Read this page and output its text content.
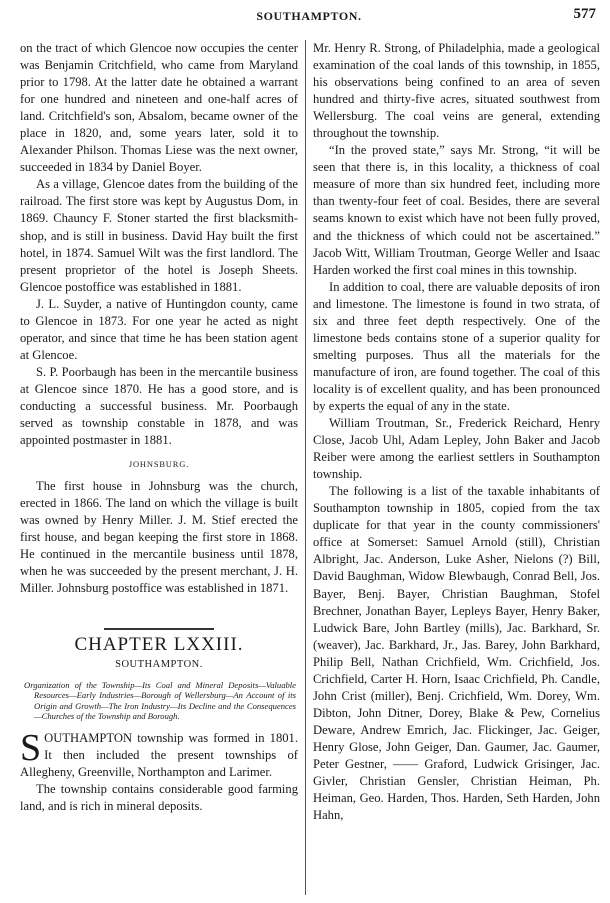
SOUTHAMPTON.	577

on the tract of which Glencoe now occupies the center was Benjamin Critchfield, who came from Maryland prior to 1798. At the latter date he obtained a warrant for one hundred and nineteen and one-half acres of land. Critchfield's son, Absalom, became owner of the place in 1820, and, some years later, sold it to Alexander Philson. Thomas Liese was the next owner, succeeded in 1834 by Daniel Boyer.

As a village, Glencoe dates from the building of the railroad. The first store was kept by Augustus Dom, in 1869. Chauncy F. Stoner started the first blacksmith-shop, and is still in business. David Hay built the first hotel, in 1874. Samuel Wilt was the first landlord. The present proprietor of the hotel is Joseph Sheets. Glencoe postoffice was established in 1881.

J. L. Suyder, a native of Huntingdon county, came to Glencoe in 1873. For one year he acted as night operator, and since that time he has been station agent at Glencoe.

S. P. Poorbaugh has been in the mercantile business at Glencoe since 1870. He has a good store, and is conducting a successful business. Mr. Poorbaugh served as township constable in 1878, and was appointed postmaster in 1881.

JOHNSBURG.

The first house in Johnsburg was the church, erected in 1866. The land on which the village is built was owned by Henry Miller. J. M. Stief erected the first house, and began keeping the first store in 1868. He continued in the mercantile business until 1878, when he was succeeded by the present merchant, J. H. Miller. Johnsburg postoffice was established in 1871.

CHAPTER LXXIII.
SOUTHAMPTON.
Organization of the Township—Its Coal and Mineral Deposits—Valuable Resources—Early Industries—Borough of Wellersburg—An Account of its Origin and Growth—The Iron Industry—Its Decline and the Consequences—Churches of the Township and Borough.

SOUTHAMPTON township was formed in 1801. It then included the present townships of Allegheny, Greenville, Northampton and Larimer.

The township contains considerable good farming land, and is rich in mineral deposits.

Mr. Henry R. Strong, of Philadelphia, made a geological examination of the coal lands of this township, in 1855, his observations being confined to an area of seven hundred and thirty-five acres, situated southwest from Wellersburg. The coal veins are general, extending throughout the township.

“In the proved state,” says Mr. Strong, “it will be seen that there is, in this locality, a thickness of coal measure of more than six hundred feet, including more than twenty-four feet of coal. Besides, there are several seams known to exist which have not been fully proved, and the thickness of which could not be ascertained.” Jacob Witt, William Troutman, George Weller and Isaac Harden worked the first coal mines in this township.

In addition to coal, there are valuable deposits of iron and limestone. The limestone is found in two strata, of six and three feet depth respectively. One of the limestone beds contains stone of a superior quality for smelting purposes. Thus all the materials for the manufacture of iron, are found together. The coal of this locality is of excellent quality, and has been pronounced by experts the equal of any in the state.

William Troutman, Sr., Frederick Reichard, Henry Close, Jacob Uhl, Adam Lepley, John Baker and Jacob Reiber were among the earliest settlers in Southampton township.

The following is a list of the taxable inhabitants of Southampton township in 1805, copied from the tax duplicate for that year in the county commissioners' office at Somerset: Samuel Arnold (still), Christian Albright, Jac. Anderson, Luke Asher, Nielons (?) Bill, David Baughman, Widow Blewbaugh, Conrad Bell, Jos. Bayer, Benj. Bayer, Christian Baughman, Stofel Brechner, Jonathan Bayer, Lepleys Bayer, Henry Baker, Ludwick Bare, John Bartley (mills), Jac. Barkhard, Sr. (weaver), Jac. Barkhard, Jr., Jas. Barey, John Barkhard, Philip Bell, Nathan Crichfield, Wm. Crichfield, Jos. Crichfield, Carter H. Horn, Isaac Crichfield, Ph. Candle, John Crist (miller), Benj. Crichfield, Wm. Dorey, Wm. Dibton, John Ditner, Dorey, Blake & Pew, Cornelius Deware, Andrew Emrich, Jac. Flickinger, Jac. Geiger, Henry Glose, John Geiger, Dan. Gaumer, Jac. Gaumer, Peter Gestner, —— Graford, Ludwick Grisinger, Jac. Givler, Christian Gensler, Christian Heiman, Ph. Heiman, Geo. Harden, Thos. Harden, Seth Harden, John Hahn,
